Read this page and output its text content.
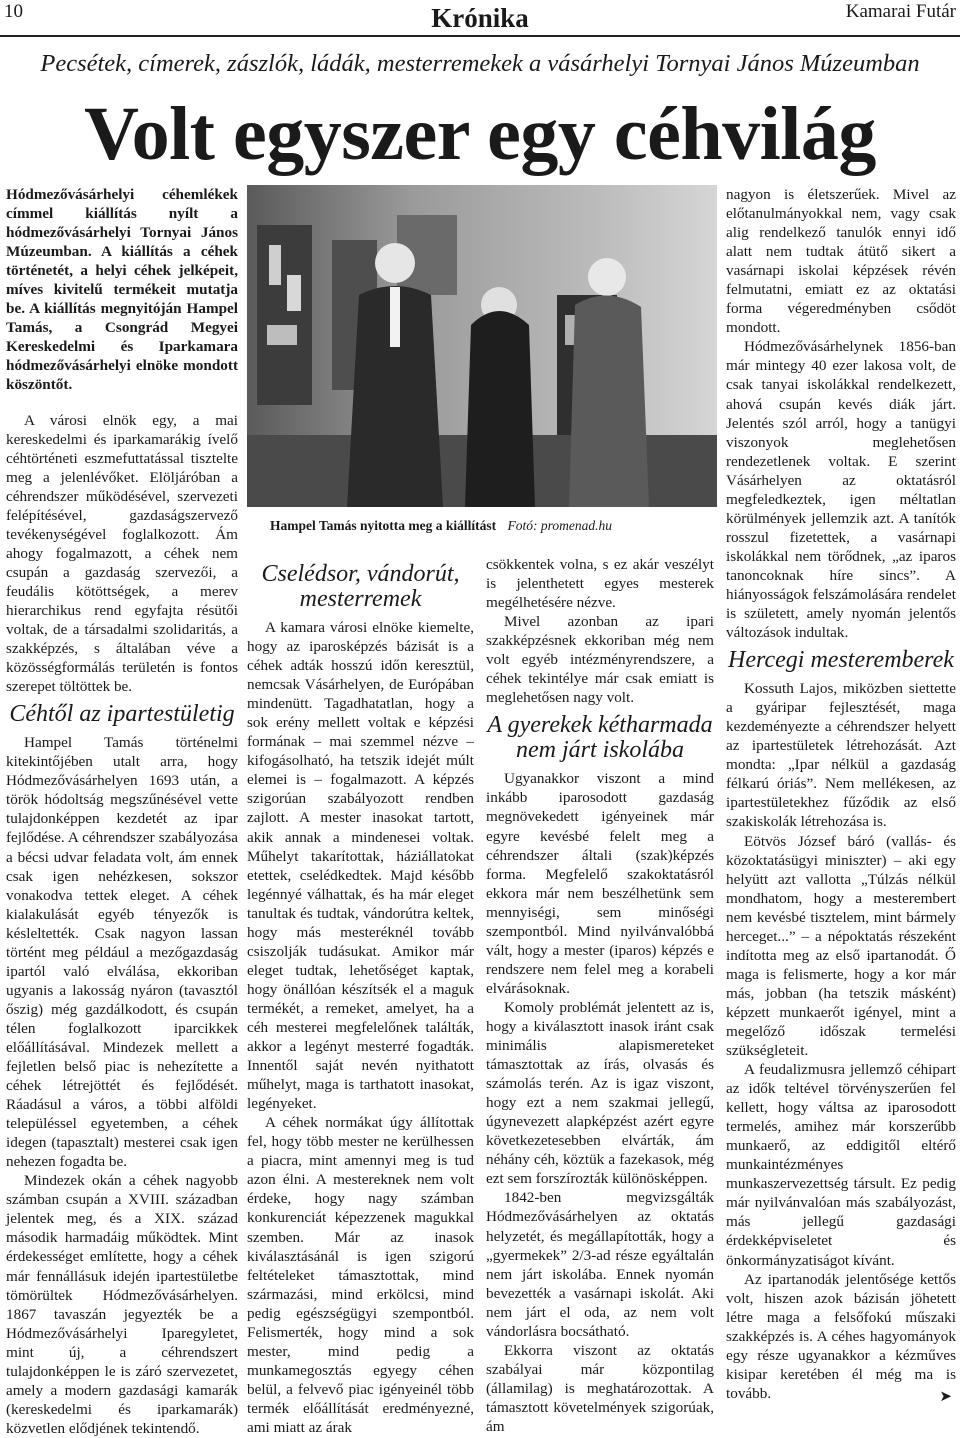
10	Krónika	Kamarai Futár
Pecsétek, címerek, zászlók, ládák, mesterremekek a vásárhelyi Tornyai János Múzeumban
Volt egyszer egy céhvilág

Hódmezővásárhelyi céhemlékek címmel kiállítás nyílt a hódmezővásárhelyi Tornyai János Múzeumban. A kiállítás a céhek történetét, a helyi céhek jelképeit, míves kivitelű termékeit mutatja be. A kiállítás megnyitóján Hampel Tamás, a Csongrád Megyei Kereskedelmi és Iparkamara hódmezővásárhelyi elnöke mondott köszöntőt.

A városi elnök egy, a mai kereskedelmi és iparkamarákig ívelő céhtörténeti eszmefuttatással tisztelte meg a jelenlévőket. Elöljáróban a céhrendszer működésével, szervezeti felépítésével, gazdaságszervező tevékenységével foglalkozott. Ám ahogy fogalmazott, a céhek nem csupán a gazdaság szervezői, a feudális kötöttségek, a merev hierarchikus rend egyfajta résütői voltak, de a társadalmi szolidaritás, a szakképzés, s általában véve a közösségformálás területén is fontos szerepet töltöttek be.

Céhtől az ipartestületig

Hampel Tamás történelmi kitekintőjében utalt arra, hogy Hódmezővásárhelyen 1693 után, a török hódoltság megszűnésével vette tulajdonképpen kezdetét az ipar fejlődése. A céhrendszer szabályozása a bécsi udvar feladata volt, ám ennek csak igen nehézkesen, sokszor vonakodva tettek eleget. A céhek kialakulását egyéb tényezők is késleltették. Csak nagyon lassan történt meg például a mezőgazdaság ipartól való elválása, ekkoriban ugyanis a lakosság nyáron (tavasztól őszig) még gazdálkodott, és csupán télen foglalkozott iparcikkek előállításával. Mindezek mellett a fejletlen belső piac is nehezítette a céhek létrejöttét és fejlődését. Ráadásul a város, a többi alföldi településsel egyetemben, a céhek idegen (tapasztalt) mesterei csak igen nehezen fogadta be.

Mindezek okán a céhek nagyobb számban csupán a XVIII. században jelentek meg, és a XIX. század második harmadáig működtek. Mint érdekességet említette, hogy a céhek már fennállásuk idején ipartestületbe tömörültek Hódmezővásárhelyen. 1867 tavaszán jegyezték be a Hódmezővásárhelyi Iparegyletet, mint új, a céhrendszert tulajdonképpen le is záró szervezetet, amely a modern gazdasági kamarák (kereskedelmi és iparkamarák) közvetlen elődjének tekintendő.

Hampel Tamás nyitotta meg a kiállítást Fotó: promenad.hu
Cselédsor, vándorút, mesterremek

A kamara városi elnöke kiemelte, hogy az iparosképzés bázisát is a céhek adták hosszú időn keresztül, nemcsak Vásárhelyen, de Európában mindenütt. Tagadhatatlan, hogy a sok erény mellett voltak e képzési formának – mai szemmel nézve – kifogásolható, ha tetszik idejét múlt elemei is – fogalmazott. A képzés szigorúan szabályozott rendben zajlott. A mester inasokat tartott, akik annak a mindenesei voltak. Műhelyt takarítottak, háziállatokat etettek, cselédkedtek. Majd később legénnyé válhattak, és ha már eleget tanultak és tudtak, vándorútra keltek, hogy más mesteréknél tovább csiszolják tudásukat. Amikor már eleget tudtak, lehetőséget kaptak, hogy önállóan készítsék el a maguk termékét, a remeket, amelyet, ha a céh mesterei megfelelőnek találták, akkor a legényt mesterré fogadták. Innentől saját nevén nyithatott műhelyt, maga is tarthatott inasokat, legényeket.

A céhek normákat úgy állítottak fel, hogy több mester ne kerülhessen a piacra, mint amennyi meg is tud azon élni. A mestereknek nem volt érdeke, hogy nagy számban konkurenciát képezzenek magukkal szemben. Már az inasok kiválasztásánál is igen szigorú feltételeket támasztottak, mind származási, mind erkölcsi, mind pedig egészségügyi szempontból. Felismerték, hogy mind a sok mester, mind pedig a munkamegosztás egyegy céhen belül, a felvevő piac igényeinél több termék előállítását eredményezné, ami miatt az árak

csökkentek volna, s ez akár veszélyt is jelenthetett egyes mesterek megélhetésére nézve.

Mivel azonban az ipari szakképzésnek ekkoriban még nem volt egyéb intézményrendszere, a céhek tekintélye már csak emiatt is meglehetősen nagy volt.

A gyerekek kétharmada nem járt iskolába

Ugyanakkor viszont a mind inkább iparosodott gazdaság megnövekedett igényeinek már egyre kevésbé felelt meg a céhrendszer általi (szak)képzés forma. Megfelelő szakoktatásról ekkora már nem beszélhetünk sem mennyiségi, sem minőségi szempontból. Mind nyilvánvalóbbá vált, hogy a mester (iparos) képzés e rendszere nem felel meg a korabeli elvárásoknak.

Komoly problémát jelentett az is, hogy a kiválasztott inasok iránt csak minimális alapismereteket támasztottak az írás, olvasás és számolás terén. Az is igaz viszont, hogy ezt a nem szakmai jellegű, úgynevezett alapképzést azért egyre következetesebben elvárták, ám néhány céh, köztük a fazekasok, még ezt sem forszírozták különösképpen.

1842-ben megvizsgálták Hódmezővásárhelyen az oktatás helyzetét, és megállapították, hogy a „gyermekek” 2/3-ad része egyáltalán nem járt iskolába. Ennek nyomán bevezették a vasárnapi iskolát. Aki nem járt el oda, az nem volt vándorlásra bocsátható.

Ekkorra viszont az oktatás szabályai már központilag (államilag) is meghatározottak. A támasztott követelmények szigorúak, ám

nagyon is életszerűek. Mivel az előtanulmányokkal nem, vagy csak alig rendelkező tanulók ennyi idő alatt nem tudtak átütő sikert a vasárnapi iskolai képzések révén felmutatni, emiatt ez az oktatási forma végeredményben csődöt mondott.

Hódmezővásárhelynek 1856-ban már mintegy 40 ezer lakosa volt, de csak tanyai iskolákkal rendelkezett, ahová csupán kevés diák járt. Jelentés szól arról, hogy a tanügyi viszonyok meglehetősen rendezetlenek voltak. E szerint Vásárhelyen az oktatásról megfeledkeztek, igen méltatlan körülmények jellemzik azt. A tanítók rosszul fizetettek, a vasárnapi iskolákkal nem törődnek, „az iparos tanoncoknak híre sincs”. A hiányosságok felszámolására rendelet is született, amely nyomán jelentős változások indultak.

Hercegi mesteremberek

Kossuth Lajos, miközben siettette a gyáripar fejlesztését, maga kezdeményezte a céhrendszer helyett az ipartestületek létrehozását. Azt mondta: „Ipar nélkül a gazdaság félkarú óriás”. Nem mellékesen, az ipartestületekhez fűződik az első szakiskolák létrehozása is.

Eötvös József báró (vallás- és közoktatásügyi miniszter) – aki egy helyütt azt vallotta „Túlzás nélkül mondhatom, hogy a mesterembert nem kevésbé tisztelem, mint bármely herceget...” – a népoktatás részeként indította meg az első ipartanodát. Ő maga is felismerte, hogy a kor már más, jobban (ha tetszik másként) képzett munkaerőt igényel, mint a megelőző időszak termelési szükségleteit.

A feudalizmusra jellemző céhipart az idők teltével törvényszerűen fel kellett, hogy váltsa az iparosodott termelés, amihez már korszerűbb munkaerő, az eddigitől eltérő munkaintézményes munkaszervezettség társult. Ez pedig már nyilvánvalóan más szabályozást, más jellegű gazdasági érdekképviseletet és önkormányzatiságot kívánt.

Az ipartanodák jelentősége kettős volt, hiszen azok bázisán jöhetett létre maga a felsőfokú műszaki szakképzés is. A céhes hagyományok egy része ugyanakkor a kézműves kisipar keretében él még ma is tovább.	➤
